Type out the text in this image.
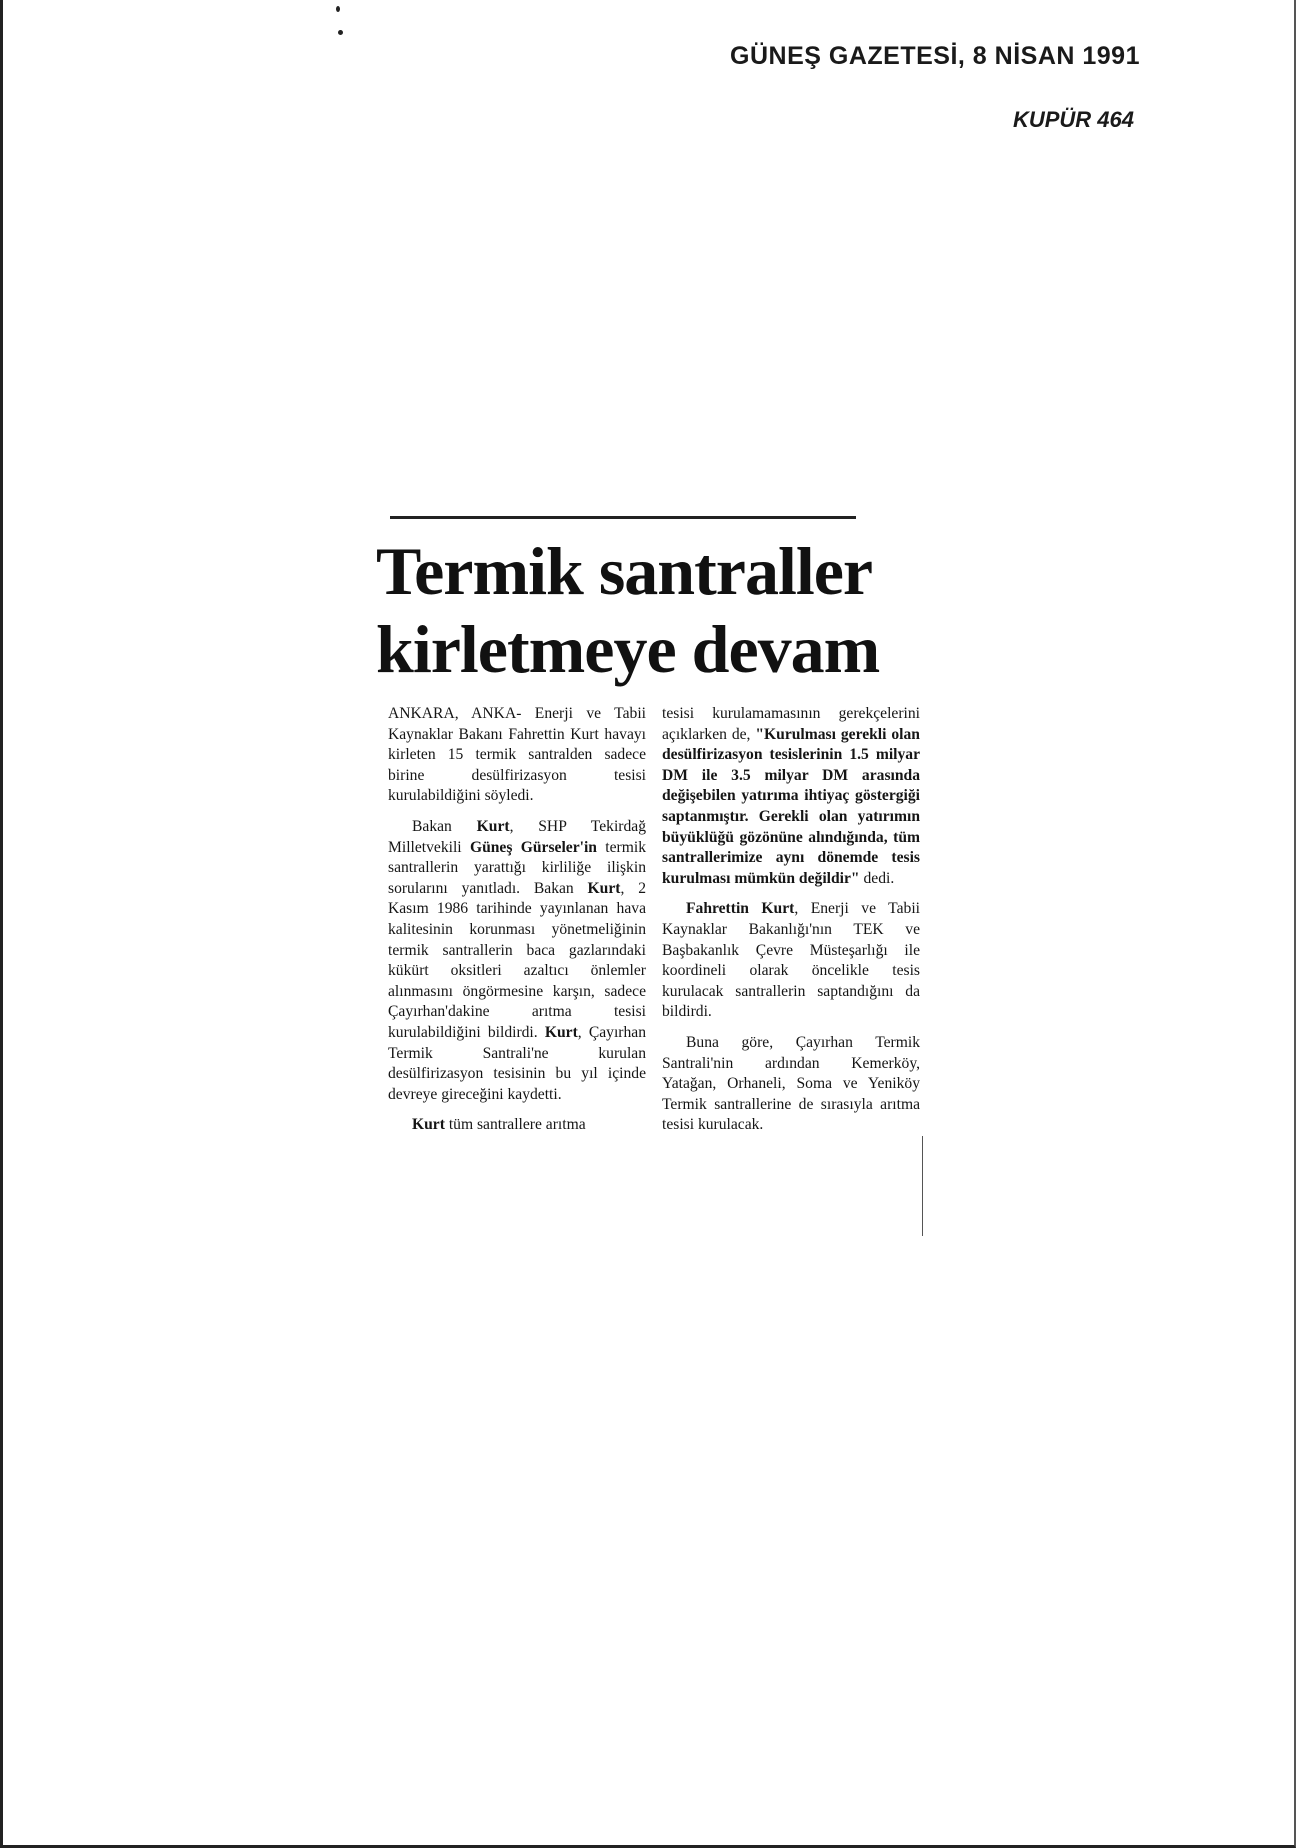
GÜNEŞ GAZETESİ, 8 NİSAN 1991
KUPÜR 464
Termik santraller
kirletmeye devam

ANKARA, ANKA- Enerji ve Tabii Kaynaklar Bakanı Fahrettin Kurt havayı kirleten 15 termik santralden sadece birine desülfirizasyon tesisi kurulabildiğini söyledi.

Bakan Kurt, SHP Tekirdağ Milletvekili Güneş Gürseler'in termik santrallerin yarattığı kirliliğe ilişkin sorularını yanıtladı. Bakan Kurt, 2 Kasım 1986 tarihinde yayınlanan hava kalitesinin korunması yönetmeliğinin termik santrallerin baca gazlarındaki kükürt oksitleri azaltıcı önlemler alınmasını öngörmesine karşın, sadece Çayırhan'dakine arıtma tesisi kurulabildiğini bildirdi. Kurt, Çayırhan Termik Santrali'ne kurulan desülfirizasyon tesisinin bu yıl içinde devreye gireceğini kaydetti.

Kurt tüm santrallere arıtma

tesisi kurulamamasının gerekçelerini açıklarken de, "Kurulması gerekli olan desülfirizasyon tesislerinin 1.5 milyar DM ile 3.5 milyar DM arasında değişebilen yatırıma ihtiyaç göstergiği saptanmıştır. Gerekli olan yatırımın büyüklüğü gözönüne alındığında, tüm santrallerimize aynı dönemde tesis kurulması mümkün değildir" dedi.

Fahrettin Kurt, Enerji ve Tabii Kaynaklar Bakanlığı'nın TEK ve Başbakanlık Çevre Müsteşarlığı ile koordineli olarak öncelikle tesis kurulacak santrallerin saptandığını da bildirdi.

Buna göre, Çayırhan Termik Santrali'nin ardından Kemerköy, Yatağan, Orhaneli, Soma ve Yeniköy Termik santrallerine de sırasıyla arıtma tesisi kurulacak.
